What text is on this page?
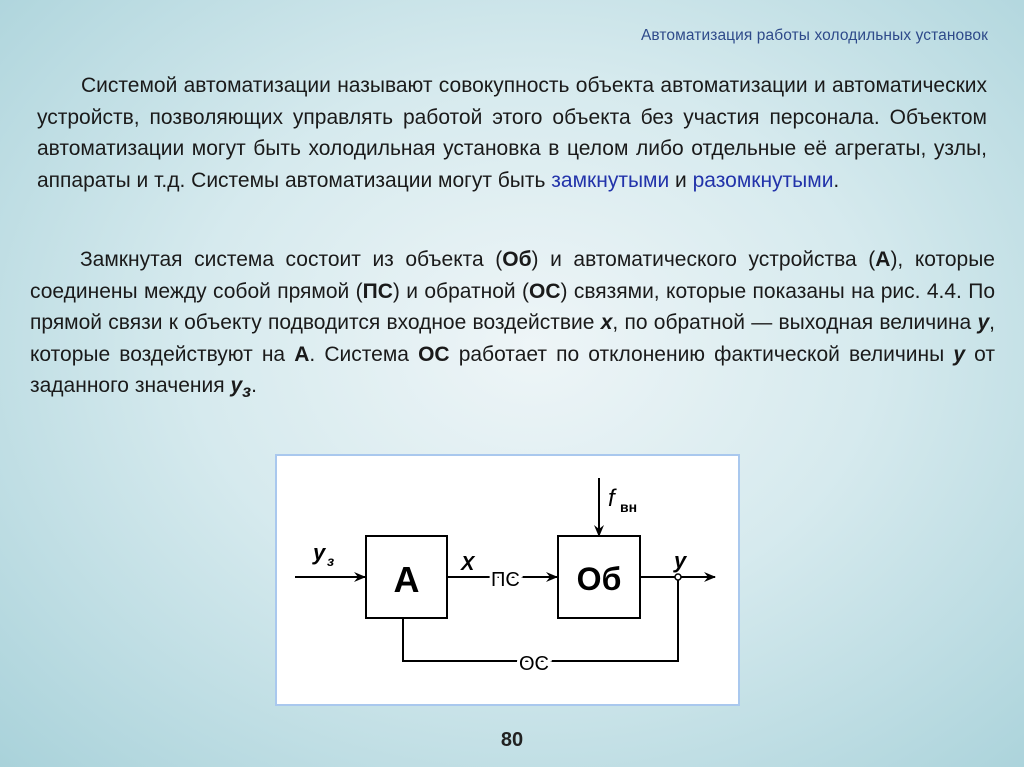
Автоматизация работы холодильных установок
Системой автоматизации называют совокупность объекта автоматизации и автоматических устройств, позволяющих управлять работой этого объекта без участия персонала. Объектом автоматизации могут быть холодильная установка в целом либо отдельные её агрегаты, узлы, аппараты и т.д. Системы автоматизации могут быть замкнутыми и разомкнутыми.
Замкнутая система состоит из объекта (Об) и автоматического устройства (А), которые соединены между собой прямой (ПС) и обратной (ОС) связями, которые показаны на рис. 4.4. По прямой связи к объекту подводится входное воздействие х, по обратной — выходная величина у, которые воздействуют на А. Система ОС работает по отклонению фактической величины у от заданного значения $у_з$.
у з А Х
ПС
f вн
Об
у
ОС
80
